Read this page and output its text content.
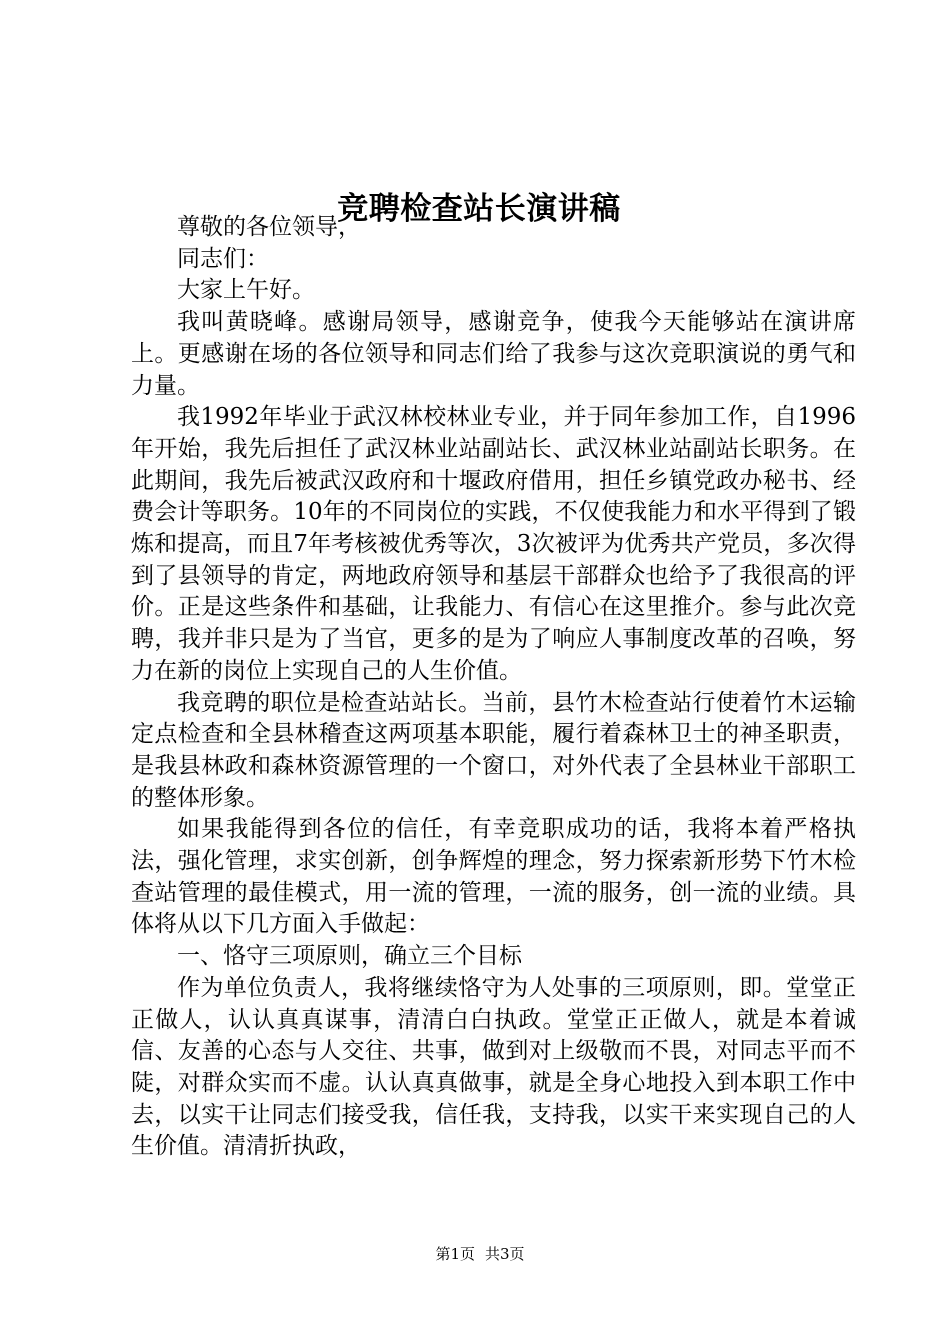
竞聘检查站长演讲稿

尊敬的各位领导，

同志们：

大家上午好。

我叫黄晓峰。感谢局领导，感谢竞争，使我今天能够站在演讲席上。更感谢在场的各位领导和同志们给了我参与这次竞职演说的勇气和力量。

我1992年毕业于武汉林校林业专业，并于同年参加工作，自1996年开始，我先后担任了武汉林业站副站长、武汉林业站副站长职务。在此期间，我先后被武汉政府和十堰政府借用，担任乡镇党政办秘书、经费会计等职务。10年的不同岗位的实践，不仅使我能力和水平得到了锻炼和提高，而且7年考核被优秀等次，3次被评为优秀共产党员，多次得到了县领导的肯定，两地政府领导和基层干部群众也给予了我很高的评价。正是这些条件和基础，让我能力、有信心在这里推介。参与此次竞聘，我并非只是为了当官，更多的是为了响应人事制度改革的召唤，努力在新的岗位上实现自己的人生价值。

我竞聘的职位是检查站站长。当前，县竹木检查站行使着竹木运输定点检查和全县林稽查这两项基本职能，履行着森林卫士的神圣职责，是我县林政和森林资源管理的一个窗口，对外代表了全县林业干部职工的整体形象。

如果我能得到各位的信任，有幸竞职成功的话，我将本着严格执法，强化管理，求实创新，创争辉煌的理念，努力探索新形势下竹木检查站管理的最佳模式，用一流的管理，一流的服务，创一流的业绩。具体将从以下几方面入手做起：

一、恪守三项原则，确立三个目标

作为单位负责人，我将继续恪守为人处事的三项原则，即。堂堂正正做人，认认真真谋事，清清白白执政。堂堂正正做人，就是本着诚信、友善的心态与人交往、共事，做到对上级敬而不畏，对同志平而不陡，对群众实而不虚。认认真真做事，就是全身心地投入到本职工作中去，以实干让同志们接受我，信任我，支持我，以实干来实现自己的人生价值。清清折执政，

第1页 共3页
